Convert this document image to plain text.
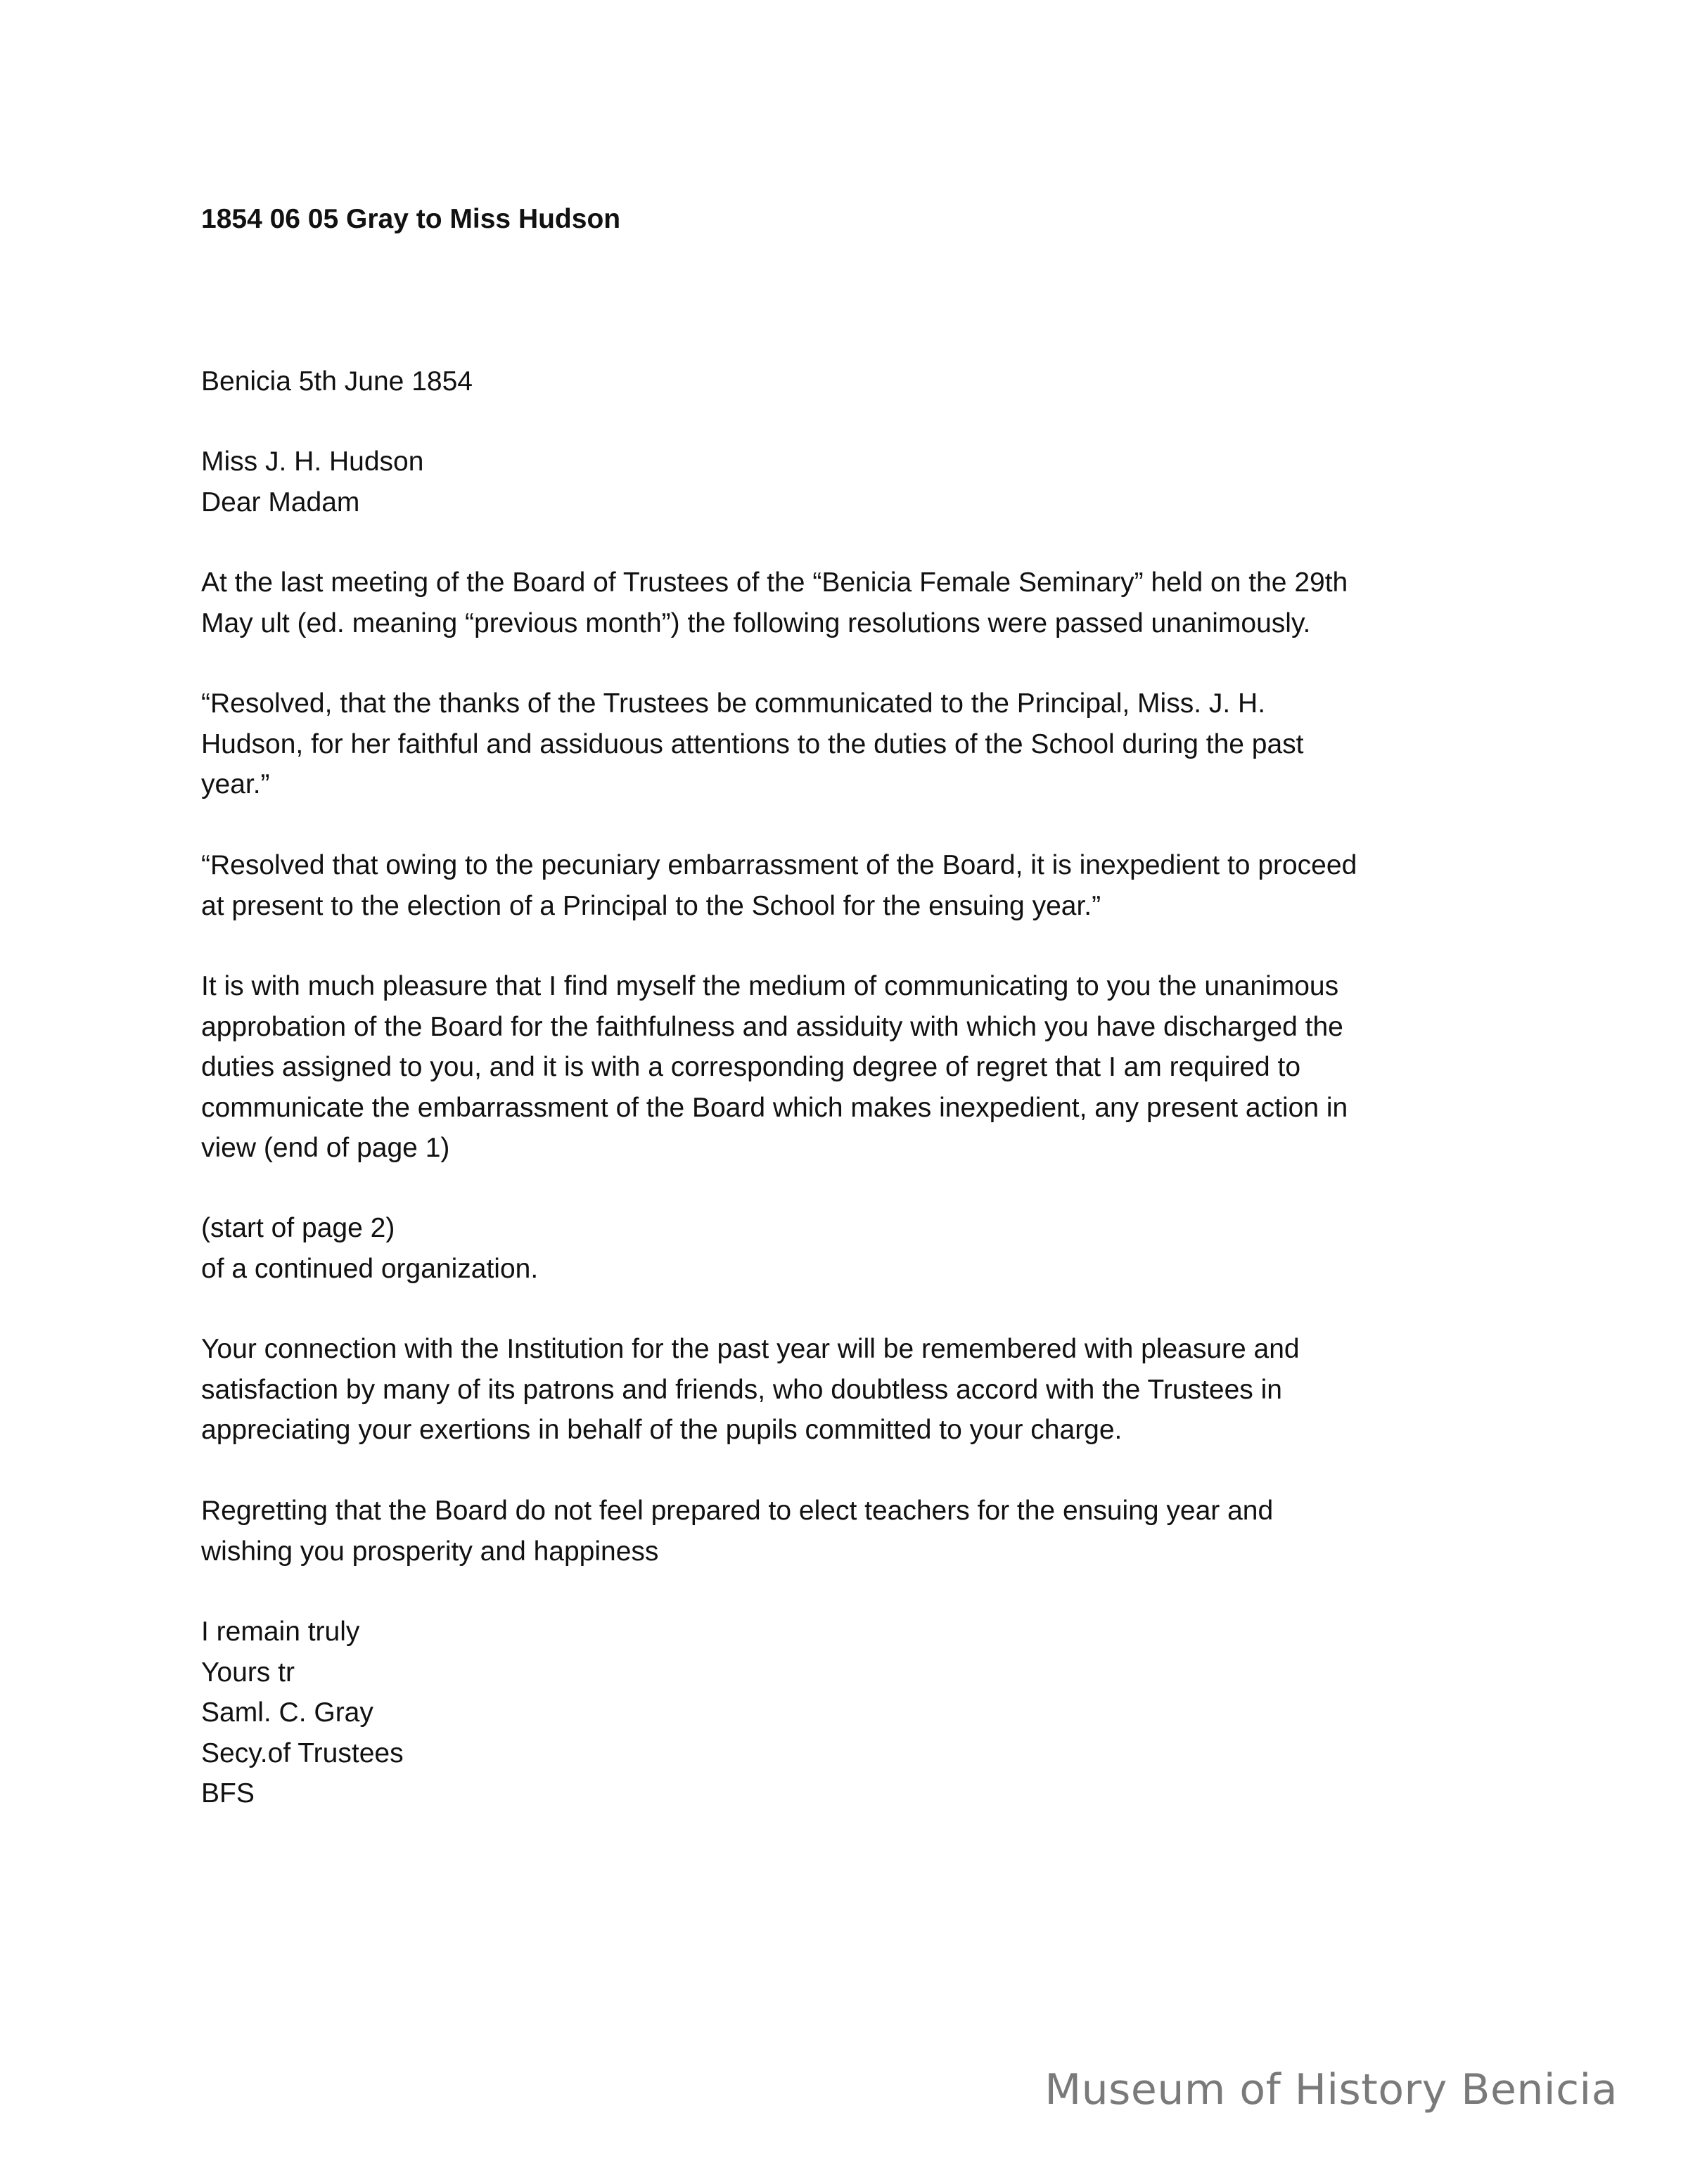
1854 06 05 Gray to Miss Hudson

Benicia 5th June 1854

Miss J. H. Hudson
Dear Madam

At the last meeting of the Board of Trustees of the “Benicia Female Seminary” held on the 29th
May ult (ed. meaning “previous month”) the following resolutions were passed unanimously.

“Resolved, that the thanks of the Trustees be communicated to the Principal, Miss. J. H.
Hudson, for her faithful and assiduous attentions to the duties of the School during the past
year.”

“Resolved that owing to the pecuniary embarrassment of the Board, it is inexpedient to proceed
at present to the election of a Principal to the School for the ensuing year.”

It is with much pleasure that I find myself the medium of communicating to you the unanimous
approbation of the Board for the faithfulness and assiduity with which you have discharged the
duties assigned to you, and it is with a corresponding degree of regret that I am required to
communicate the embarrassment of the Board which makes inexpedient, any present action in
view (end of page 1)

(start of page 2)
of a continued organization.

Your connection with the Institution for the past year will be remembered with pleasure and
satisfaction by many of its patrons and friends, who doubtless accord with the Trustees in
appreciating your exertions in behalf of the pupils committed to your charge.

Regretting that the Board do not feel prepared to elect teachers for the ensuing year and
wishing you prosperity and happiness

I remain truly
Yours tr
Saml. C. Gray
Secy.of Trustees
BFS

Museum of History Benicia
